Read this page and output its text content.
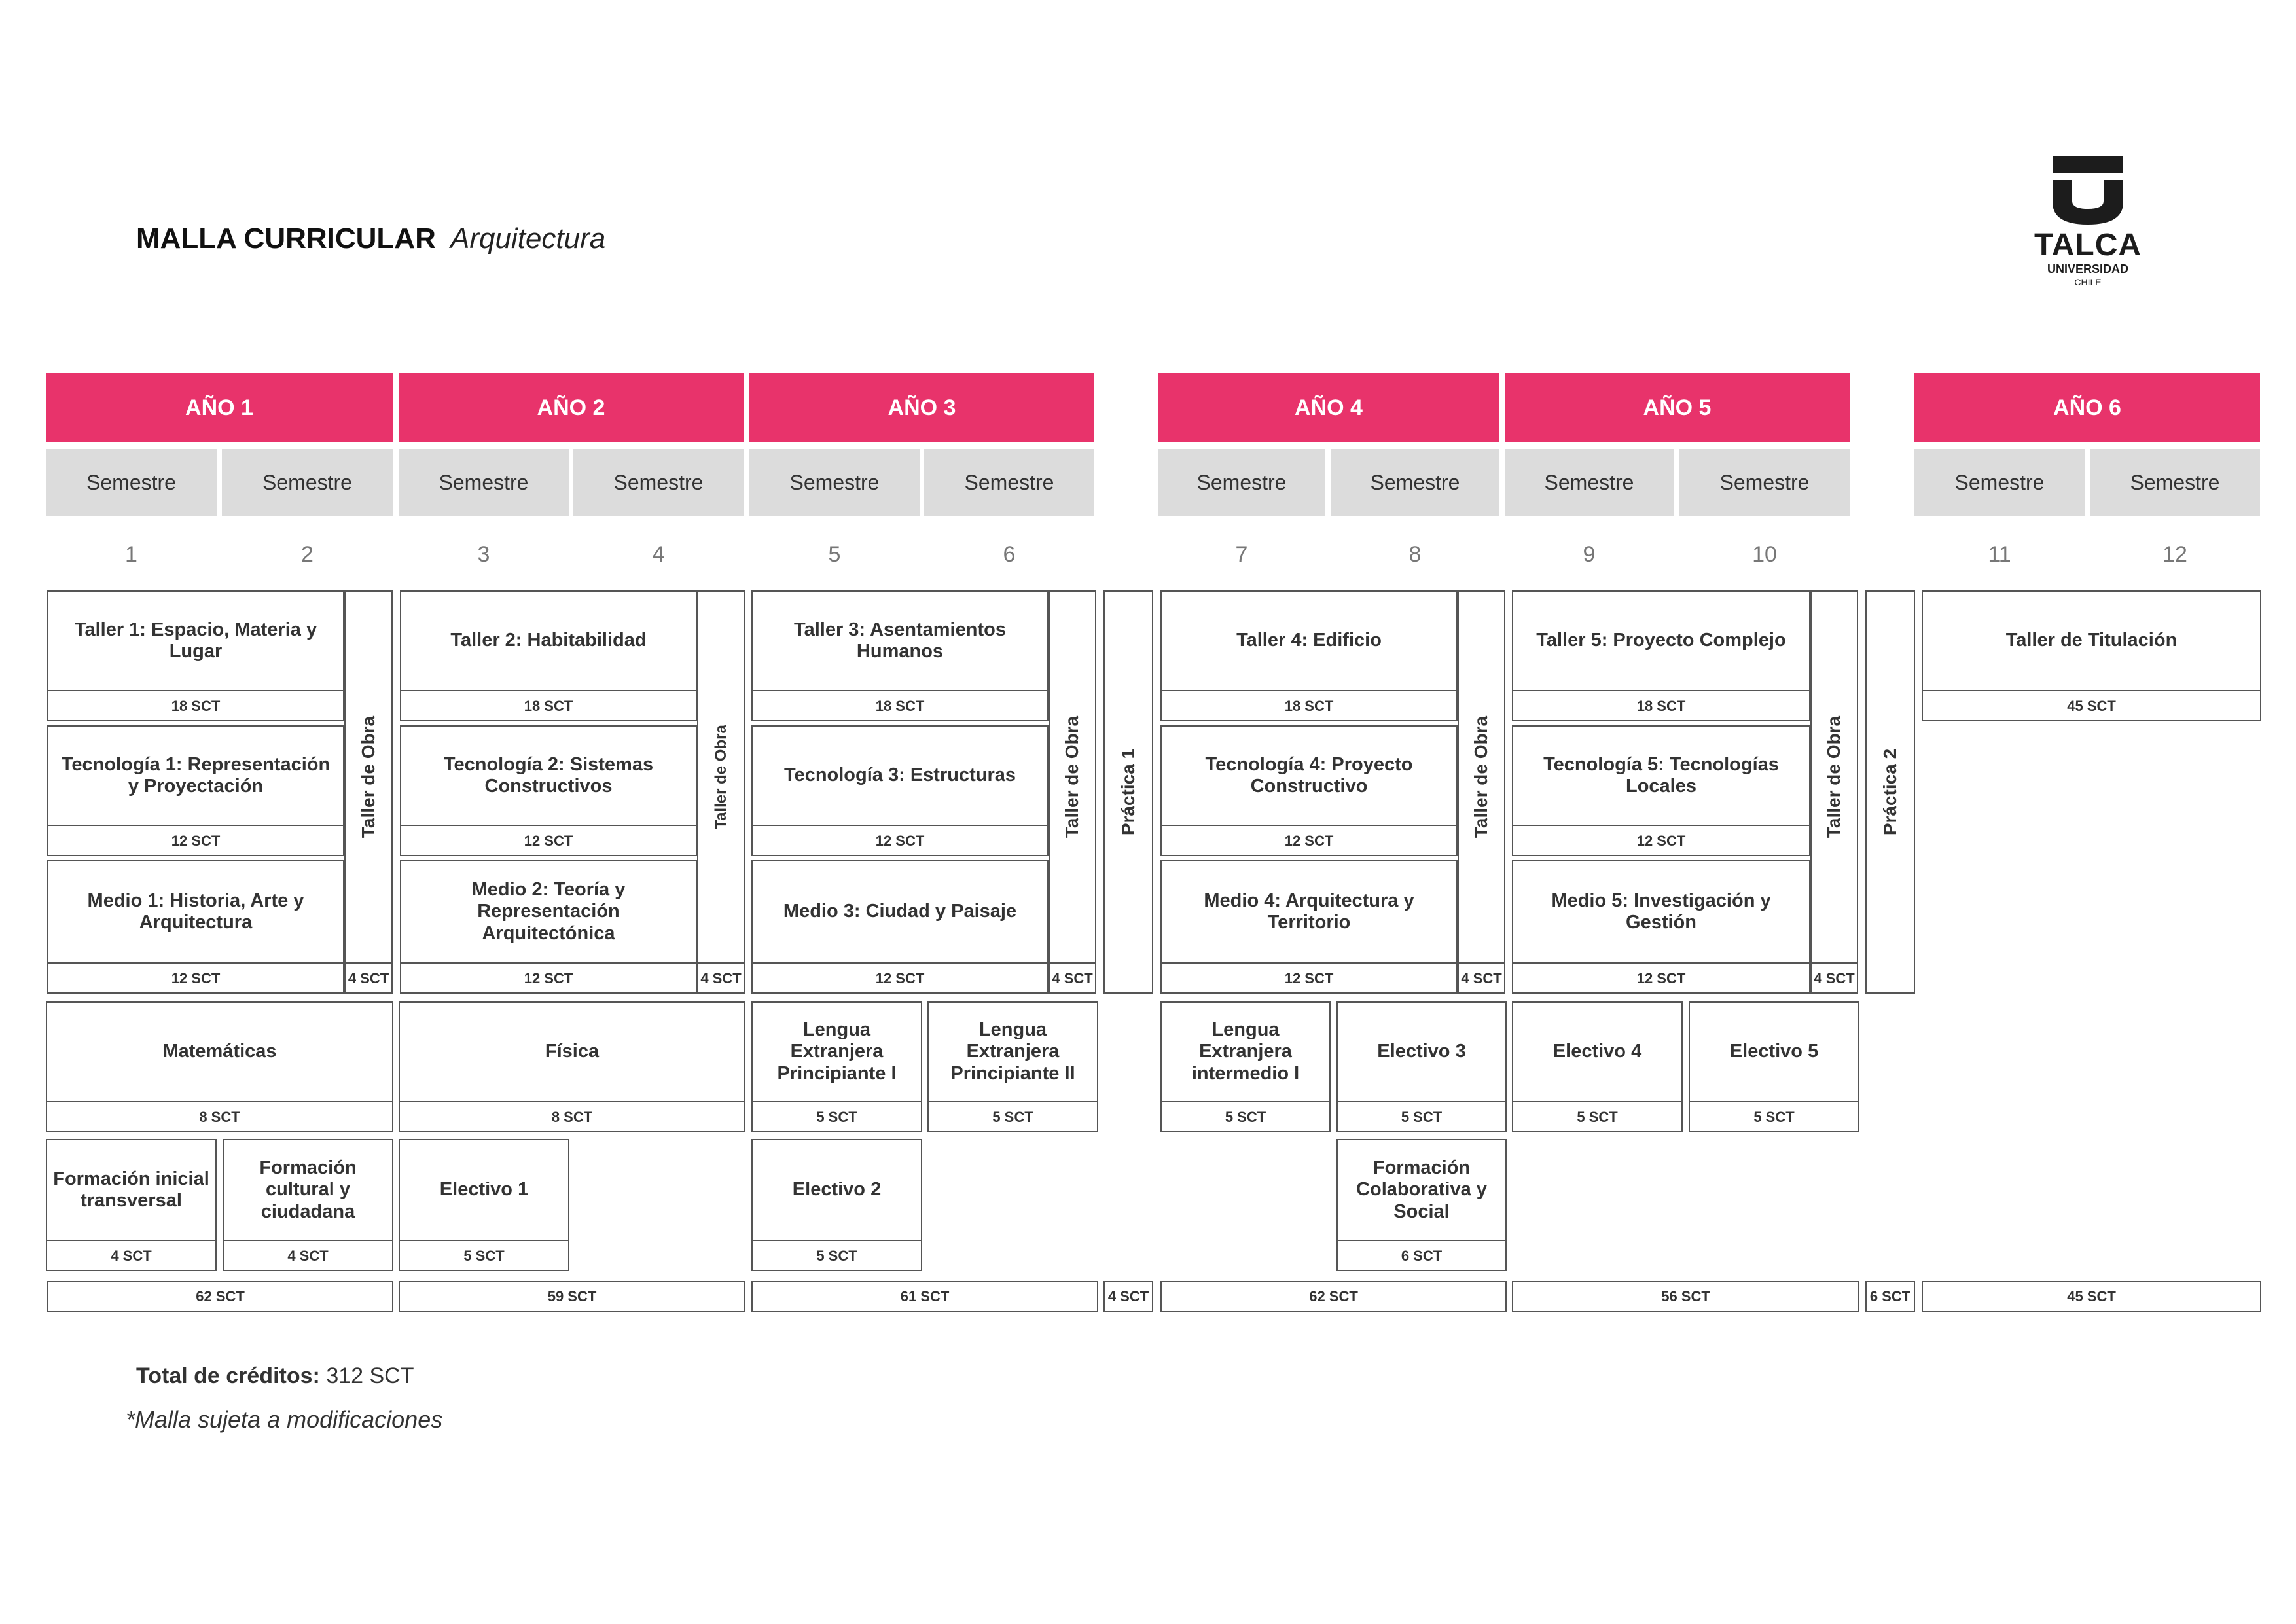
MALLA CURRICULAR Arquitectura	TALCA
UNIVERSIDAD
CHILE
AÑO 1	AÑO 2	AÑO 3	AÑO 4	AÑO 5	AÑO 6
Semestre	Semestre	Semestre	Semestre	Semestre	Semestre	Semestre	Semestre	Semestre	Semestre	Semestre	Semestre
1	2	3	4	5	6	7	8	9	10	11	12
Taller 1: Espacio, Materia y Lugar
18 SCT
Tecnología 1: Representación y Proyectación
12 SCT
Medio 1: Historia, Arte y Arquitectura
12 SCT
Taller de Obra
4 SCT
Taller 2: Habitabilidad
18 SCT
Tecnología 2: Sistemas Constructivos
12 SCT
Medio 2: Teoría y Representación Arquitectónica
12 SCT
Taller de Obra
4 SCT
Taller 3: Asentamientos Humanos
18 SCT
Tecnología 3: Estructuras
12 SCT
Medio 3: Ciudad y Paisaje
12 SCT
Taller de Obra
4 SCT
Práctica 1
Taller 4: Edificio
18 SCT
Tecnología 4: Proyecto Constructivo
12 SCT
Medio 4: Arquitectura y Territorio
12 SCT
Taller de Obra
4 SCT
Taller 5: Proyecto Complejo
18 SCT
Tecnología 5: Tecnologías Locales
12 SCT
Medio 5: Investigación y Gestión
12 SCT
Taller de Obra
4 SCT
Práctica 2
Taller de Titulación
45 SCT
Matemáticas
8 SCT
Física
8 SCT
Lengua Extranjera Principiante I
5 SCT
Lengua Extranjera Principiante II
5 SCT
Lengua Extranjera intermedio I
5 SCT
Electivo 3
5 SCT
Electivo 4
5 SCT
Electivo 5
5 SCT
Formación inicial transversal
4 SCT
Formación cultural y ciudadana
4 SCT
Electivo 1
5 SCT
Electivo 2
5 SCT
Formación Colaborativa y Social
6 SCT
62 SCT	59 SCT	61 SCT	4 SCT	62 SCT	56 SCT	6 SCT	45 SCT
Total de créditos: 312 SCT
*Malla sujeta a modificaciones
